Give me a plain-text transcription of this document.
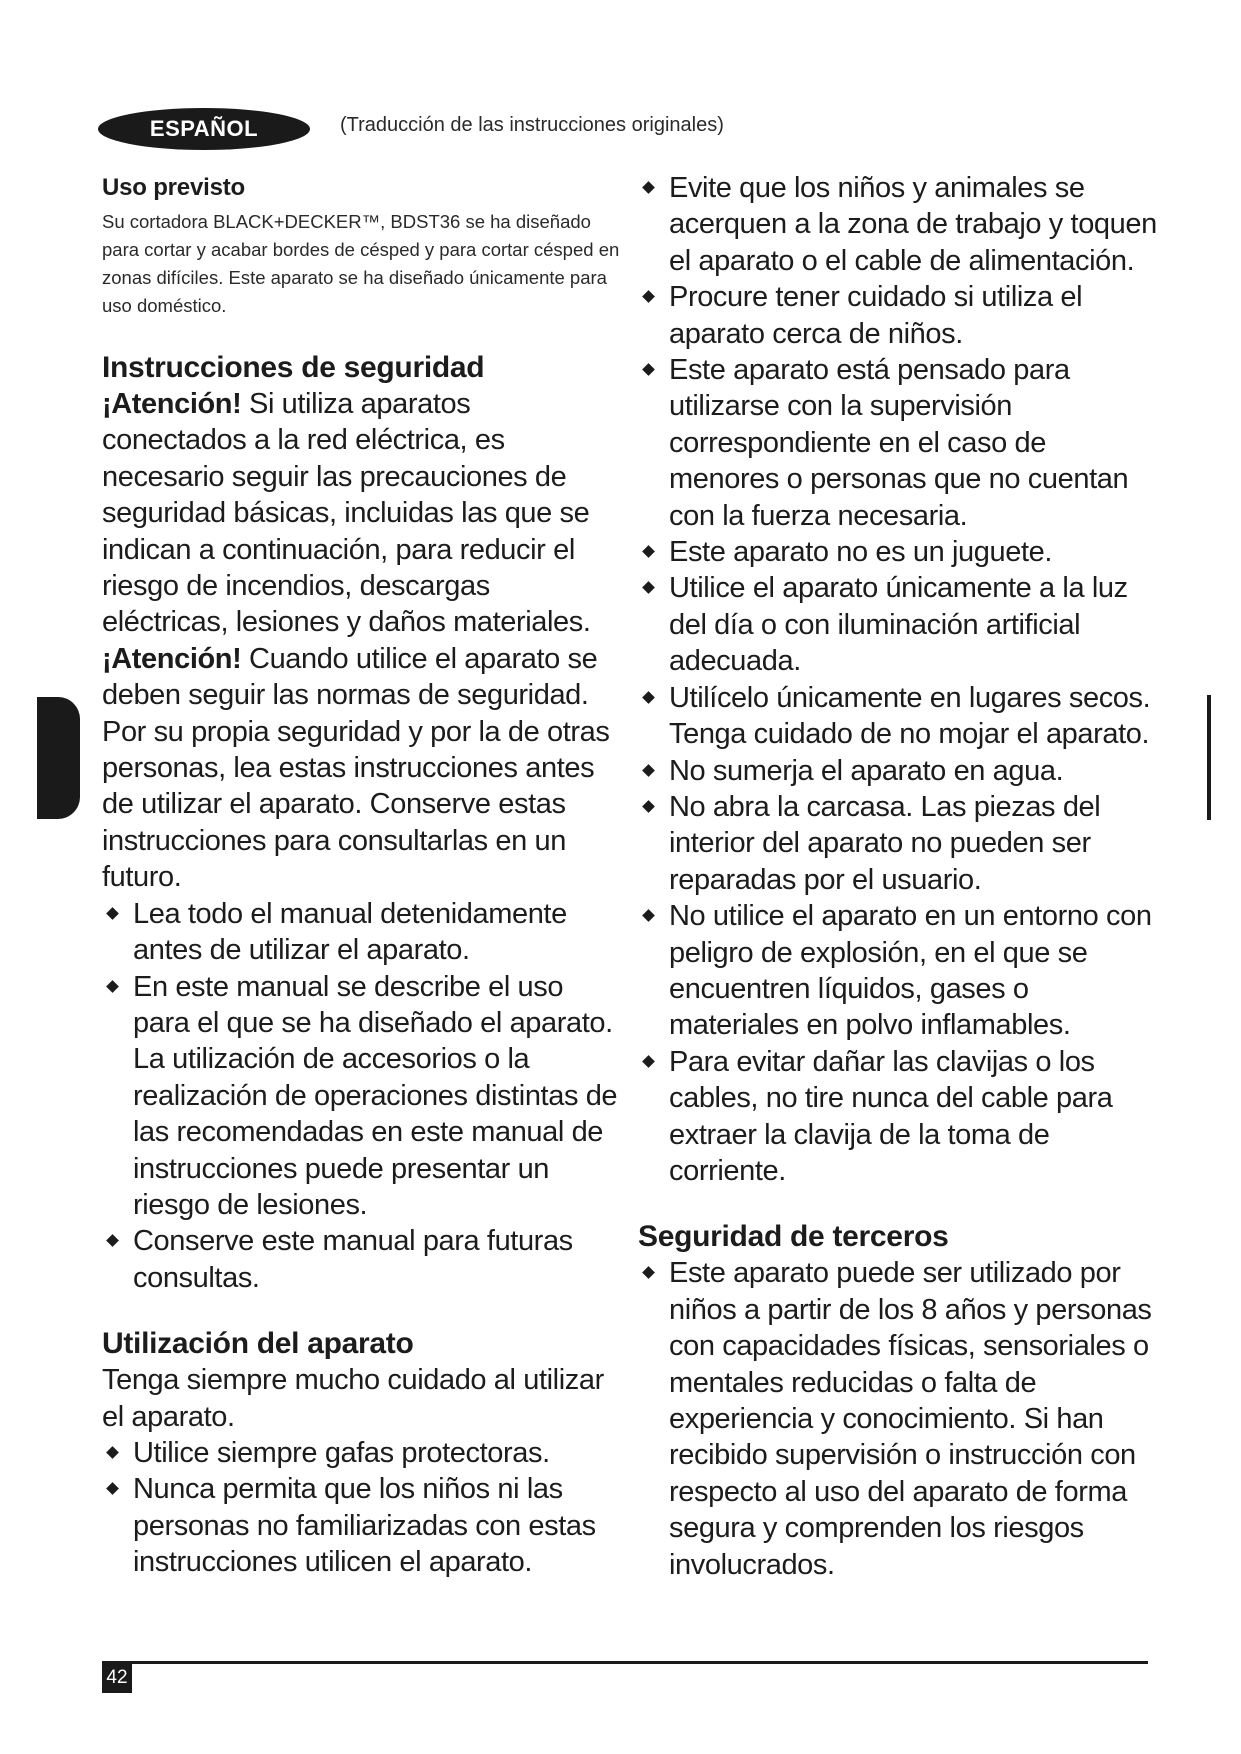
ESPAÑOL	(Traducción de las instrucciones originales)
Uso previsto
Su cortadora BLACK+DECKER™, BDST36 se ha diseñado para cortar y acabar bordes de césped y para cortar césped en zonas difíciles. Este aparato se ha diseñado únicamente para uso doméstico.
Instrucciones de seguridad
¡Atención! Si utiliza aparatos conectados a la red eléctrica, es necesario seguir las precauciones de seguridad básicas, incluidas las que se indican a continuación, para reducir el riesgo de incendios, descargas eléctricas, lesiones y daños materiales.
¡Atención! Cuando utilice el aparato se deben seguir las normas de seguridad. Por su propia seguridad y por la de otras personas, lea estas instrucciones antes de utilizar el aparato. Conserve estas instrucciones para consultarlas en un futuro.
Lea todo el manual detenidamente antes de utilizar el aparato.
En este manual se describe el uso para el que se ha diseñado el aparato. La utilización de accesorios o la realización de operaciones distintas de las recomendadas en este manual de instrucciones puede presentar un riesgo de lesiones.
Conserve este manual para futuras consultas.
Utilización del aparato
Tenga siempre mucho cuidado al utilizar el aparato.
Utilice siempre gafas protectoras.
Nunca permita que los niños ni las personas no familiarizadas con estas instrucciones utilicen el aparato.
Evite que los niños y animales se acerquen a la zona de trabajo y toquen el aparato o el cable de alimentación.
Procure tener cuidado si utiliza el aparato cerca de niños.
Este aparato está pensado para utilizarse con la supervisión correspondiente en el caso de menores o personas que no cuentan con la fuerza necesaria.
Este aparato no es un juguete.
Utilice el aparato únicamente a la luz del día o con iluminación artificial adecuada.
Utilícelo únicamente en lugares secos. Tenga cuidado de no mojar el aparato.
No sumerja el aparato en agua.
No abra la carcasa. Las piezas del interior del aparato no pueden ser reparadas por el usuario.
No utilice el aparato en un entorno con peligro de explosión, en el que se encuentren líquidos, gases o materiales en polvo inflamables.
Para evitar dañar las clavijas o los cables, no tire nunca del cable para extraer la clavija de la toma de corriente.
Seguridad de terceros
Este aparato puede ser utilizado por niños a partir de los 8 años y personas con capacidades físicas, sensoriales o mentales reducidas o falta de experiencia y conocimiento. Si han recibido supervisión o instrucción con respecto al uso del aparato de forma segura y comprenden los riesgos involucrados.
42
